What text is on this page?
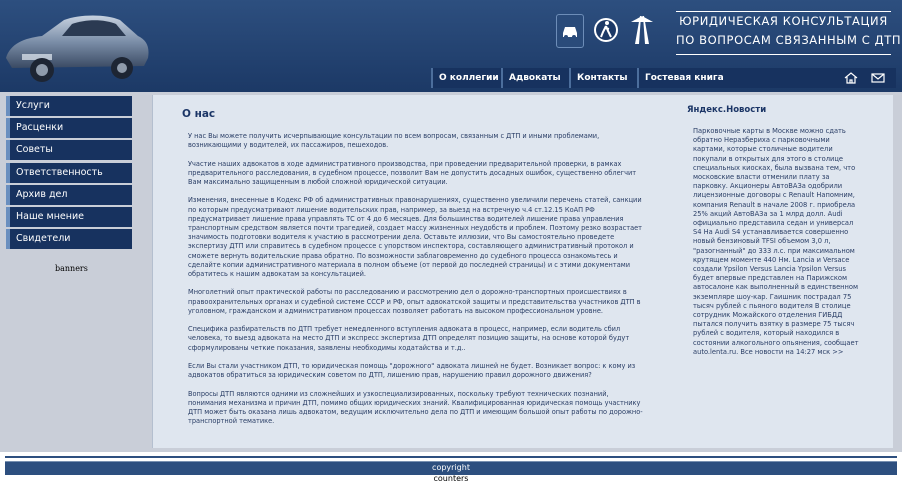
ЮРИДИЧЕСКАЯ КОНСУЛЬТАЦИЯ
ПО ВОПРОСАМ СВЯЗАННЫМ С ДТП
О коллегии	Адвокаты	Контакты	Гостевая книга
Услуги
Расценки
Советы
Ответственность
Архив дел
Наше мнение
Свидетели
banners
О нас

У нас Вы можете получить исчерпывающие консультации по всем вопросам, связанным с ДТП и иными проблемами, возникающими у водителей, их пассажиров, пешеходов.

Участие наших адвокатов в ходе административного производства, при проведении предварительной проверки, в рамках предварительного расследования, в судебном процессе, позволит Вам не допустить досадных ошибок, существенно облегчит Вам максимально защищенным в любой сложной юридической ситуации.

Изменения, внесенные в Кодекс РФ об административных правонарушениях, существенно увеличили перечень статей, санкции по которым предусматривают лишение водительских прав, например, за выезд на встречную ч.4 ст.12.15 КоАП РФ предусматривает лишение права управлять ТС от 4 до 6 месяцев. Для большинства водителей лишение права управления транспортным средством является почти трагедией, создает массу жизненных неудобств и проблем. Поэтому резко возрастает значимость подготовки водителя к участию в рассмотрении дела. Оставьте иллюзии, что Вы самостоятельно проведете экспертизу ДТП или справитесь в судебном процессе с упорством инспектора, составляющего административный протокол и сможете вернуть водительские права обратно. По возможности заблаговременно до судебного процесса ознакомьтесь и сделайте копии административного материала в полном объеме (от первой до последней страницы) и с этими документами обратитесь к нашим адвокатам за консультацией.

Многолетний опыт практической работы по расследованию и рассмотрению дел о дорожно-транспортных происшествиях в правоохранительных органах и судебной системе СССР и РФ, опыт адвокатской защиты и представительства участников ДТП в уголовном, гражданском и административном процессах позволяет работать на высоком профессиональном уровне.

Специфика разбирательств по ДТП требует немедленного вступления адвоката в процесс, например, если водитель сбил человека, то выезд адвоката на место ДТП и экспресс экспертиза ДТП определят позицию защиты, на основе которой будут сформулированы четкие показания, заявлены необходимы ходатайства и т.д..

Если Вы стали участником ДТП, то юридическая помощь "дорожного" адвоката лишней не будет. Возникает вопрос: к кому из адвокатов обратиться за юридическим советом по ДТП, лишению прав, нарушению правил дорожного движения?

Вопросы ДТП являются одними из сложнейших и узкоспециализированных, поскольку требуют технических познаний, понимания механизма и причин ДТП, помимо общих юридических знаний. Квалифицированная юридическая помощь участнику ДТП может быть оказана лишь адвокатом, ведущим исключительно дела по ДТП и имеющим большой опыт работы по дорожно-транспортной тематике.

Яндекс.Новости
Парковочные карты в Москве можно сдать обратно Неразбериха с парковочными картами, которые столичные водители покупали в открытых для этого в столице специальных киосках, была вызвана тем, что московские власти отменили плату за парковку. Акционеры АвтоВАЗа одобрили лицензионные договоры с Renault Напомним, компания Renault в начале 2008 г. приобрела 25% акций АвтоВАЗа за 1 млрд долл. Audi официально представила седан и универсал S4 На Audi S4 устанавливается совершенно новый бензиновый TFSI объемом 3,0 л, "разогнанный" до 333 л.с. при максимальном крутящем моменте 440 Нм. Lancia и Versace создали Ypsilon Versus Lancia Ypsilon Versus будет впервые представлен на Парижском автосалоне как выполненный в единственном экземпляре шоу-кар. Гаишник пострадал 75 тысяч рублей с пьяного водителя В столице сотрудник Можайского отделения ГИБДД пытался получить взятку в размере 75 тысяч рублей с водителя, который находился в состоянии алкогольного опьянения, сообщает auto.lenta.ru. Все новости на 14:27 мск >>
copyright
counters
